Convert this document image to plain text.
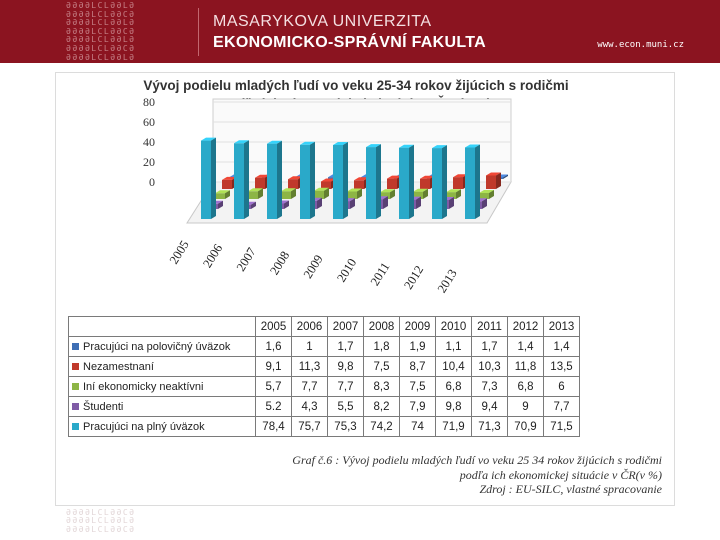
ƏƏƏƏLCLƏƏLƏ
ƏƏƏƏLCLƏƏCƏ
ƏƏƏƏLCLƏƏLƏ
ƏƏƏƏLCLƏƏCƏ
ƏƏƏƏLCLƏƏLƏ
ƏƏƏƏLCLƏƏCƏ
ƏƏƏƏLCLƏƏLƏ
MASARYKOVA UNIVERZITA
EKONOMICKO-SPRÁVNÍ FAKULTA	www.econ.muni.cz

ƏƏƏƏLCLƏƏCƏ
ƏƏƏƏLCLƏƏLƏ
ƏƏƏƏLCLƏƏCƏ
Vývoj podielu mladých ľudí vo veku 25-34 rokov žijúcich s rodičmi
0
20
40
60
80
2005 2006 2007 2008 2009 2010 2011 2012 2013
	2005	2006	2007	2008	2009	2010	2011	2012	2013
Pracujúci na polovičný úväzok	1,6	1	1,7	1,8	1,9	1,1	1,7	1,4	1,4
Nezamestnaní	9,1	11,3	9,8	7,5	8,7	10,4	10,3	11,8	13,5
Iní ekonomicky neaktívni	5,7	7,7	7,7	8,3	7,5	6,8	7,3	6,8	6
Študenti	5.2	4,3	5,5	8,2	7,9	9,8	9,4	9	7,7
Pracujúci na plný úväzok	78,4	75,7	75,3	74,2	74	71,9	71,3	70,9	71,5
Graf č.6 : Vývoj podielu mladých ľudí vo veku 25 34 rokov žijúcich s rodičmi
podľa ich ekonomickej situácie v ČR(v %)
Zdroj : EU-SILC, vlastné spracovanie
